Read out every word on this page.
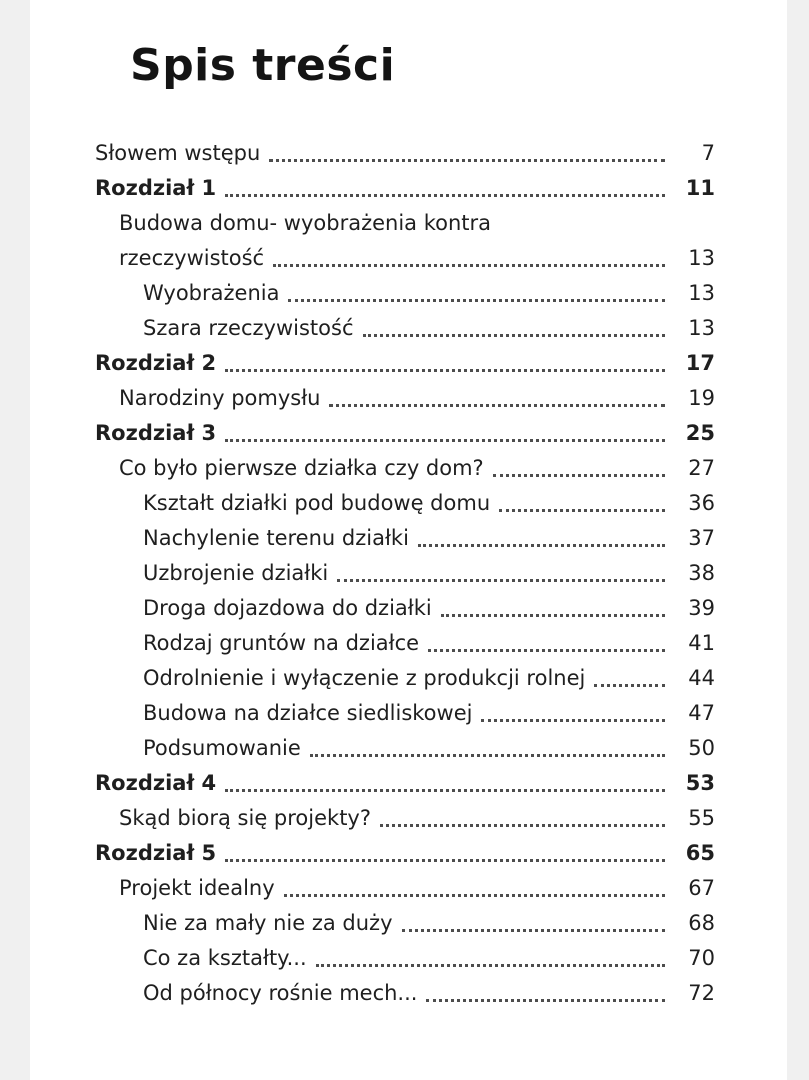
Spis treści
Słowem wstępu	7
Rozdział 1	11
Budowa domu- wyobrażenia kontra
rzeczywistość	13
Wyobrażenia	13
Szara rzeczywistość	13
Rozdział 2	17
Narodziny pomysłu	19
Rozdział 3	25
Co było pierwsze działka czy dom?	27
Kształt działki pod budowę domu	36
Nachylenie terenu działki	37
Uzbrojenie działki	38
Droga dojazdowa do działki	39
Rodzaj gruntów na działce	41
Odrolnienie i wyłączenie z produkcji rolnej	44
Budowa na działce siedliskowej	47
Podsumowanie	50
Rozdział 4	53
Skąd biorą się projekty?	55
Rozdział 5	65
Projekt idealny	67
Nie za mały nie za duży	68
Co za kształty...	70
Od północy rośnie mech...	72
